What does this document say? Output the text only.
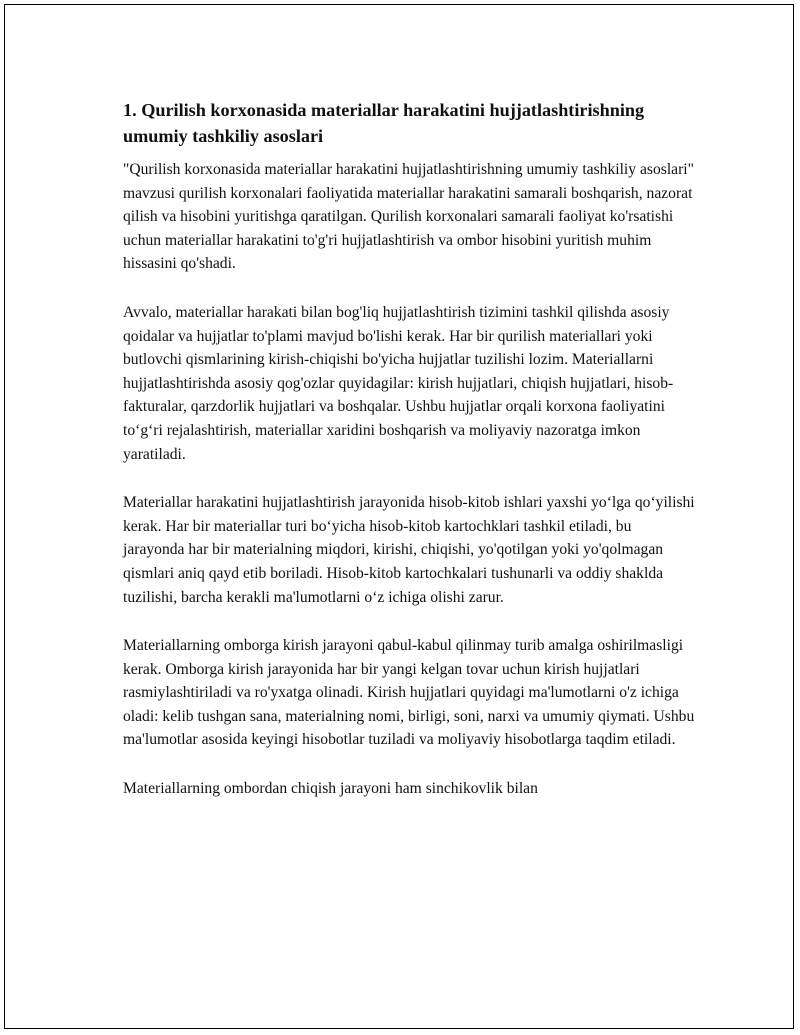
1. Qurilish korxonasida materiallar harakatini hujjatlashtirishning umumiy tashkiliy asoslari

"Qurilish korxonasida materiallar harakatini hujjatlashtirishning umumiy tashkiliy asoslari" mavzusi qurilish korxonalari faoliyatida materiallar harakatini samarali boshqarish, nazorat qilish va hisobini yuritishga qaratilgan. Qurilish korxonalari samarali faoliyat ko'rsatishi uchun materiallar harakatini to'g'ri hujjatlashtirish va ombor hisobini yuritish muhim hissasini qo'shadi.

Avvalo, materiallar harakati bilan bog'liq hujjatlashtirish tizimini tashkil qilishda asosiy qoidalar va hujjatlar to'plami mavjud bo'lishi kerak. Har bir qurilish materiallari yoki butlovchi qismlarining kirish-chiqishi bo'yicha hujjatlar tuzilishi lozim. Materiallarni hujjatlashtirishda asosiy qog'ozlar quyidagilar: kirish hujjatlari, chiqish hujjatlari, hisob-fakturalar, qarzdorlik hujjatlari va boshqalar. Ushbu hujjatlar orqali korxona faoliyatini to‘g‘ri rejalashtirish, materiallar xaridini boshqarish va moliyaviy nazoratga imkon yaratiladi.

Materiallar harakatini hujjatlashtirish jarayonida hisob-kitob ishlari yaxshi yo‘lga qo‘yilishi kerak. Har bir materiallar turi bo‘yicha hisob-kitob kartochklari tashkil etiladi, bu jarayonda har bir materialning miqdori, kirishi, chiqishi, yo'qotilgan yoki yo'qolmagan qismlari aniq qayd etib boriladi. Hisob-kitob kartochkalari tushunarli va oddiy shaklda tuzilishi, barcha kerakli ma'lumotlarni o‘z ichiga olishi zarur.

Materiallarning omborga kirish jarayoni qabul-kabul qilinmay turib amalga oshirilmasligi kerak. Omborga kirish jarayonida har bir yangi kelgan tovar uchun kirish hujjatlari rasmiylashtiriladi va ro'yxatga olinadi. Kirish hujjatlari quyidagi ma'lumotlarni o'z ichiga oladi: kelib tushgan sana, materialning nomi, birligi, soni, narxi va umumiy qiymati. Ushbu ma'lumotlar asosida keyingi hisobotlar tuziladi va moliyaviy hisobotlarga taqdim etiladi.

Materiallarning ombordan chiqish jarayoni ham sinchikovlik bilan
